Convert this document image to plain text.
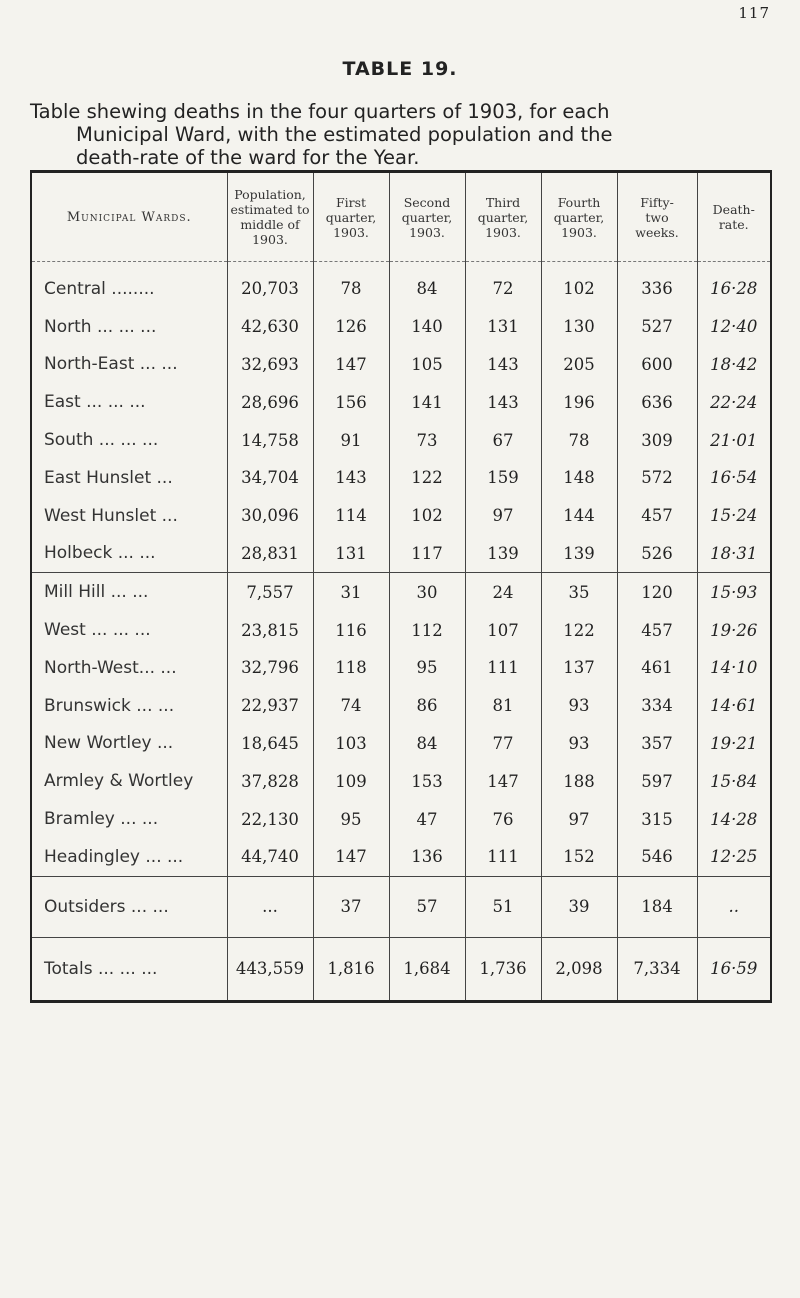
117
TABLE 19.
Table shewing deaths in the four quarters of 1903, for each
Municipal Ward, with the estimated population and the
death-rate of the ward for the Year.
Municipal Wards.	Population,
estimated to
middle of
1903.	First
quarter,
1903.	Second
quarter,
1903.	Third
quarter,
1903.	Fourth
quarter,
1903.	Fifty-
two
weeks.	Death-
rate.
Central ........	20,703	78	84	72	102	336	16·28
North ... ... ...	42,630	126	140	131	130	527	12·40
North-East ... ...	32,693	147	105	143	205	600	18·42
East ... ... ...	28,696	156	141	143	196	636	22·24
South ... ... ...	14,758	91	73	67	78	309	21·01
East Hunslet ...	34,704	143	122	159	148	572	16·54
West Hunslet ...	30,096	114	102	97	144	457	15·24
Holbeck ... ...	28,831	131	117	139	139	526	18·31
Mill Hill ... ...	7,557	31	30	24	35	120	15·93
West ... ... ...	23,815	116	112	107	122	457	19·26
North-West... ...	32,796	118	95	111	137	461	14·10
Brunswick ... ...	22,937	74	86	81	93	334	14·61
New Wortley ...	18,645	103	84	77	93	357	19·21
Armley & Wortley	37,828	109	153	147	188	597	15·84
Bramley ... ...	22,130	95	47	76	97	315	14·28
Headingley ... ...	44,740	147	136	111	152	546	12·25
Outsiders ... ...	...	37	57	51	39	184	..
Totals ... ... ...	443,559	1,816	1,684	1,736	2,098	7,334	16·59
